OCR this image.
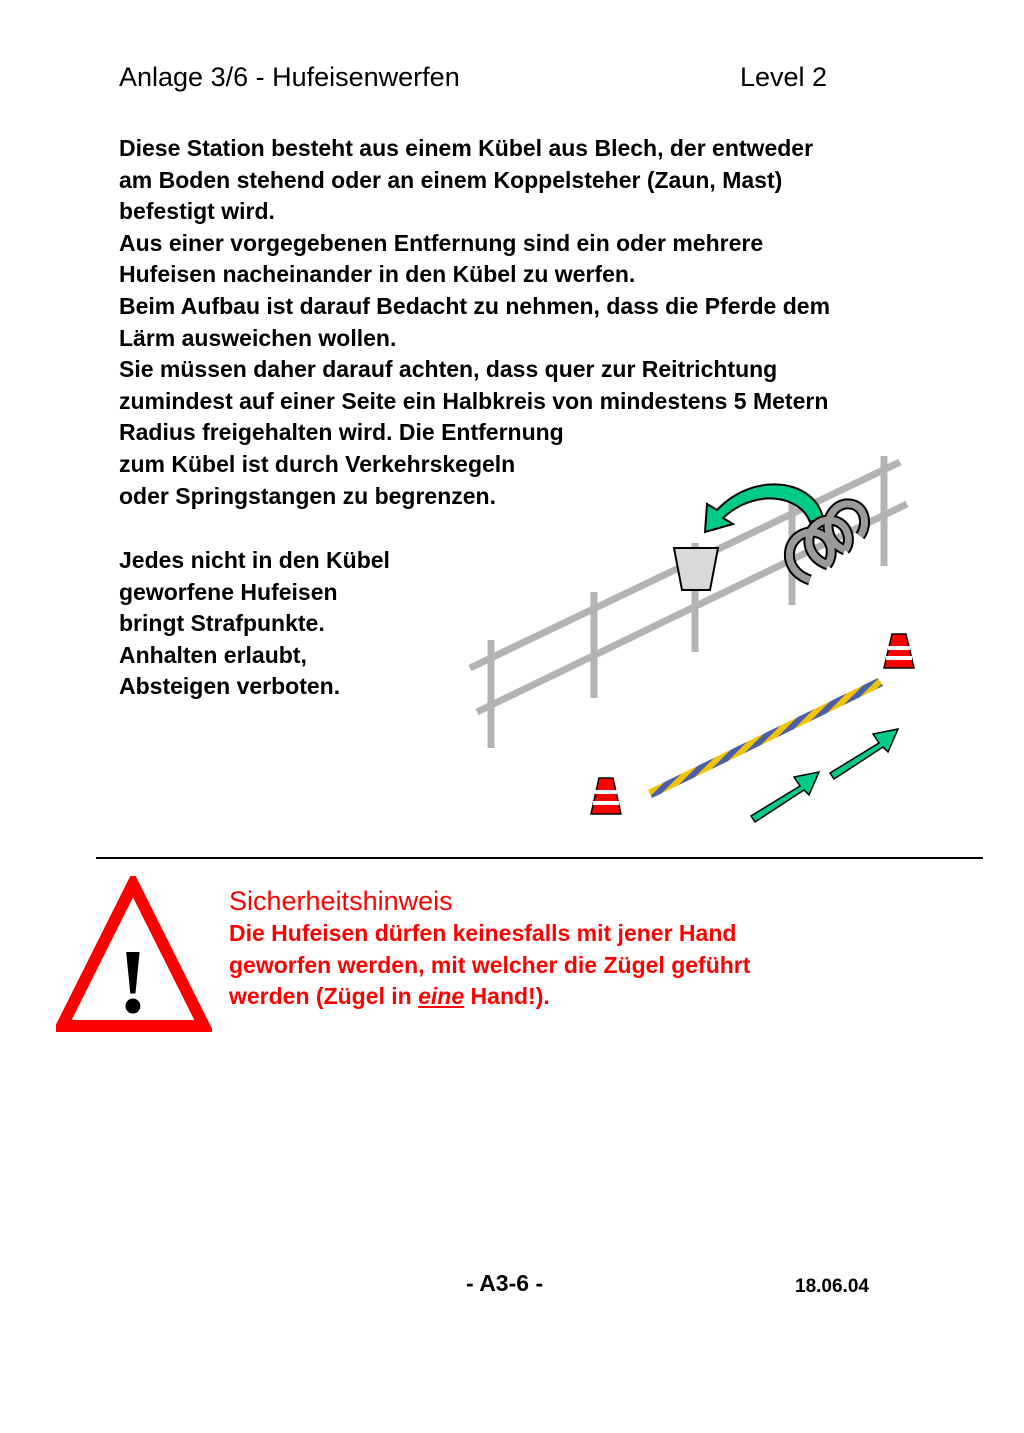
Anlage 3/6 - Hufeisenwerfen	Level 2
Diese Station besteht aus einem Kübel aus Blech, der entweder
am Boden stehend oder an einem Koppelsteher (Zaun, Mast)
befestigt wird.
Aus einer vorgegebenen Entfernung sind ein oder mehrere
Hufeisen nacheinander in den Kübel zu werfen.
Beim Aufbau ist darauf Bedacht zu nehmen, dass die Pferde dem
Lärm ausweichen wollen.
Sie müssen daher darauf achten, dass quer zur Reitrichtung
zumindest auf einer Seite ein Halbkreis von mindestens 5 Metern
Radius freigehalten wird. Die Entfernung
zum Kübel ist durch Verkehrskegeln
oder Springstangen zu begrenzen.
Jedes nicht in den Kübel
geworfene Hufeisen
bringt Strafpunkte.
Anhalten erlaubt,
Absteigen verboten.
!
Sicherheitshinweis
Die Hufeisen dürfen keinesfalls mit jener Hand
geworfen werden, mit welcher die Zügel geführt
werden (Zügel in eine Hand!).
- A3-6 -	18.06.04
